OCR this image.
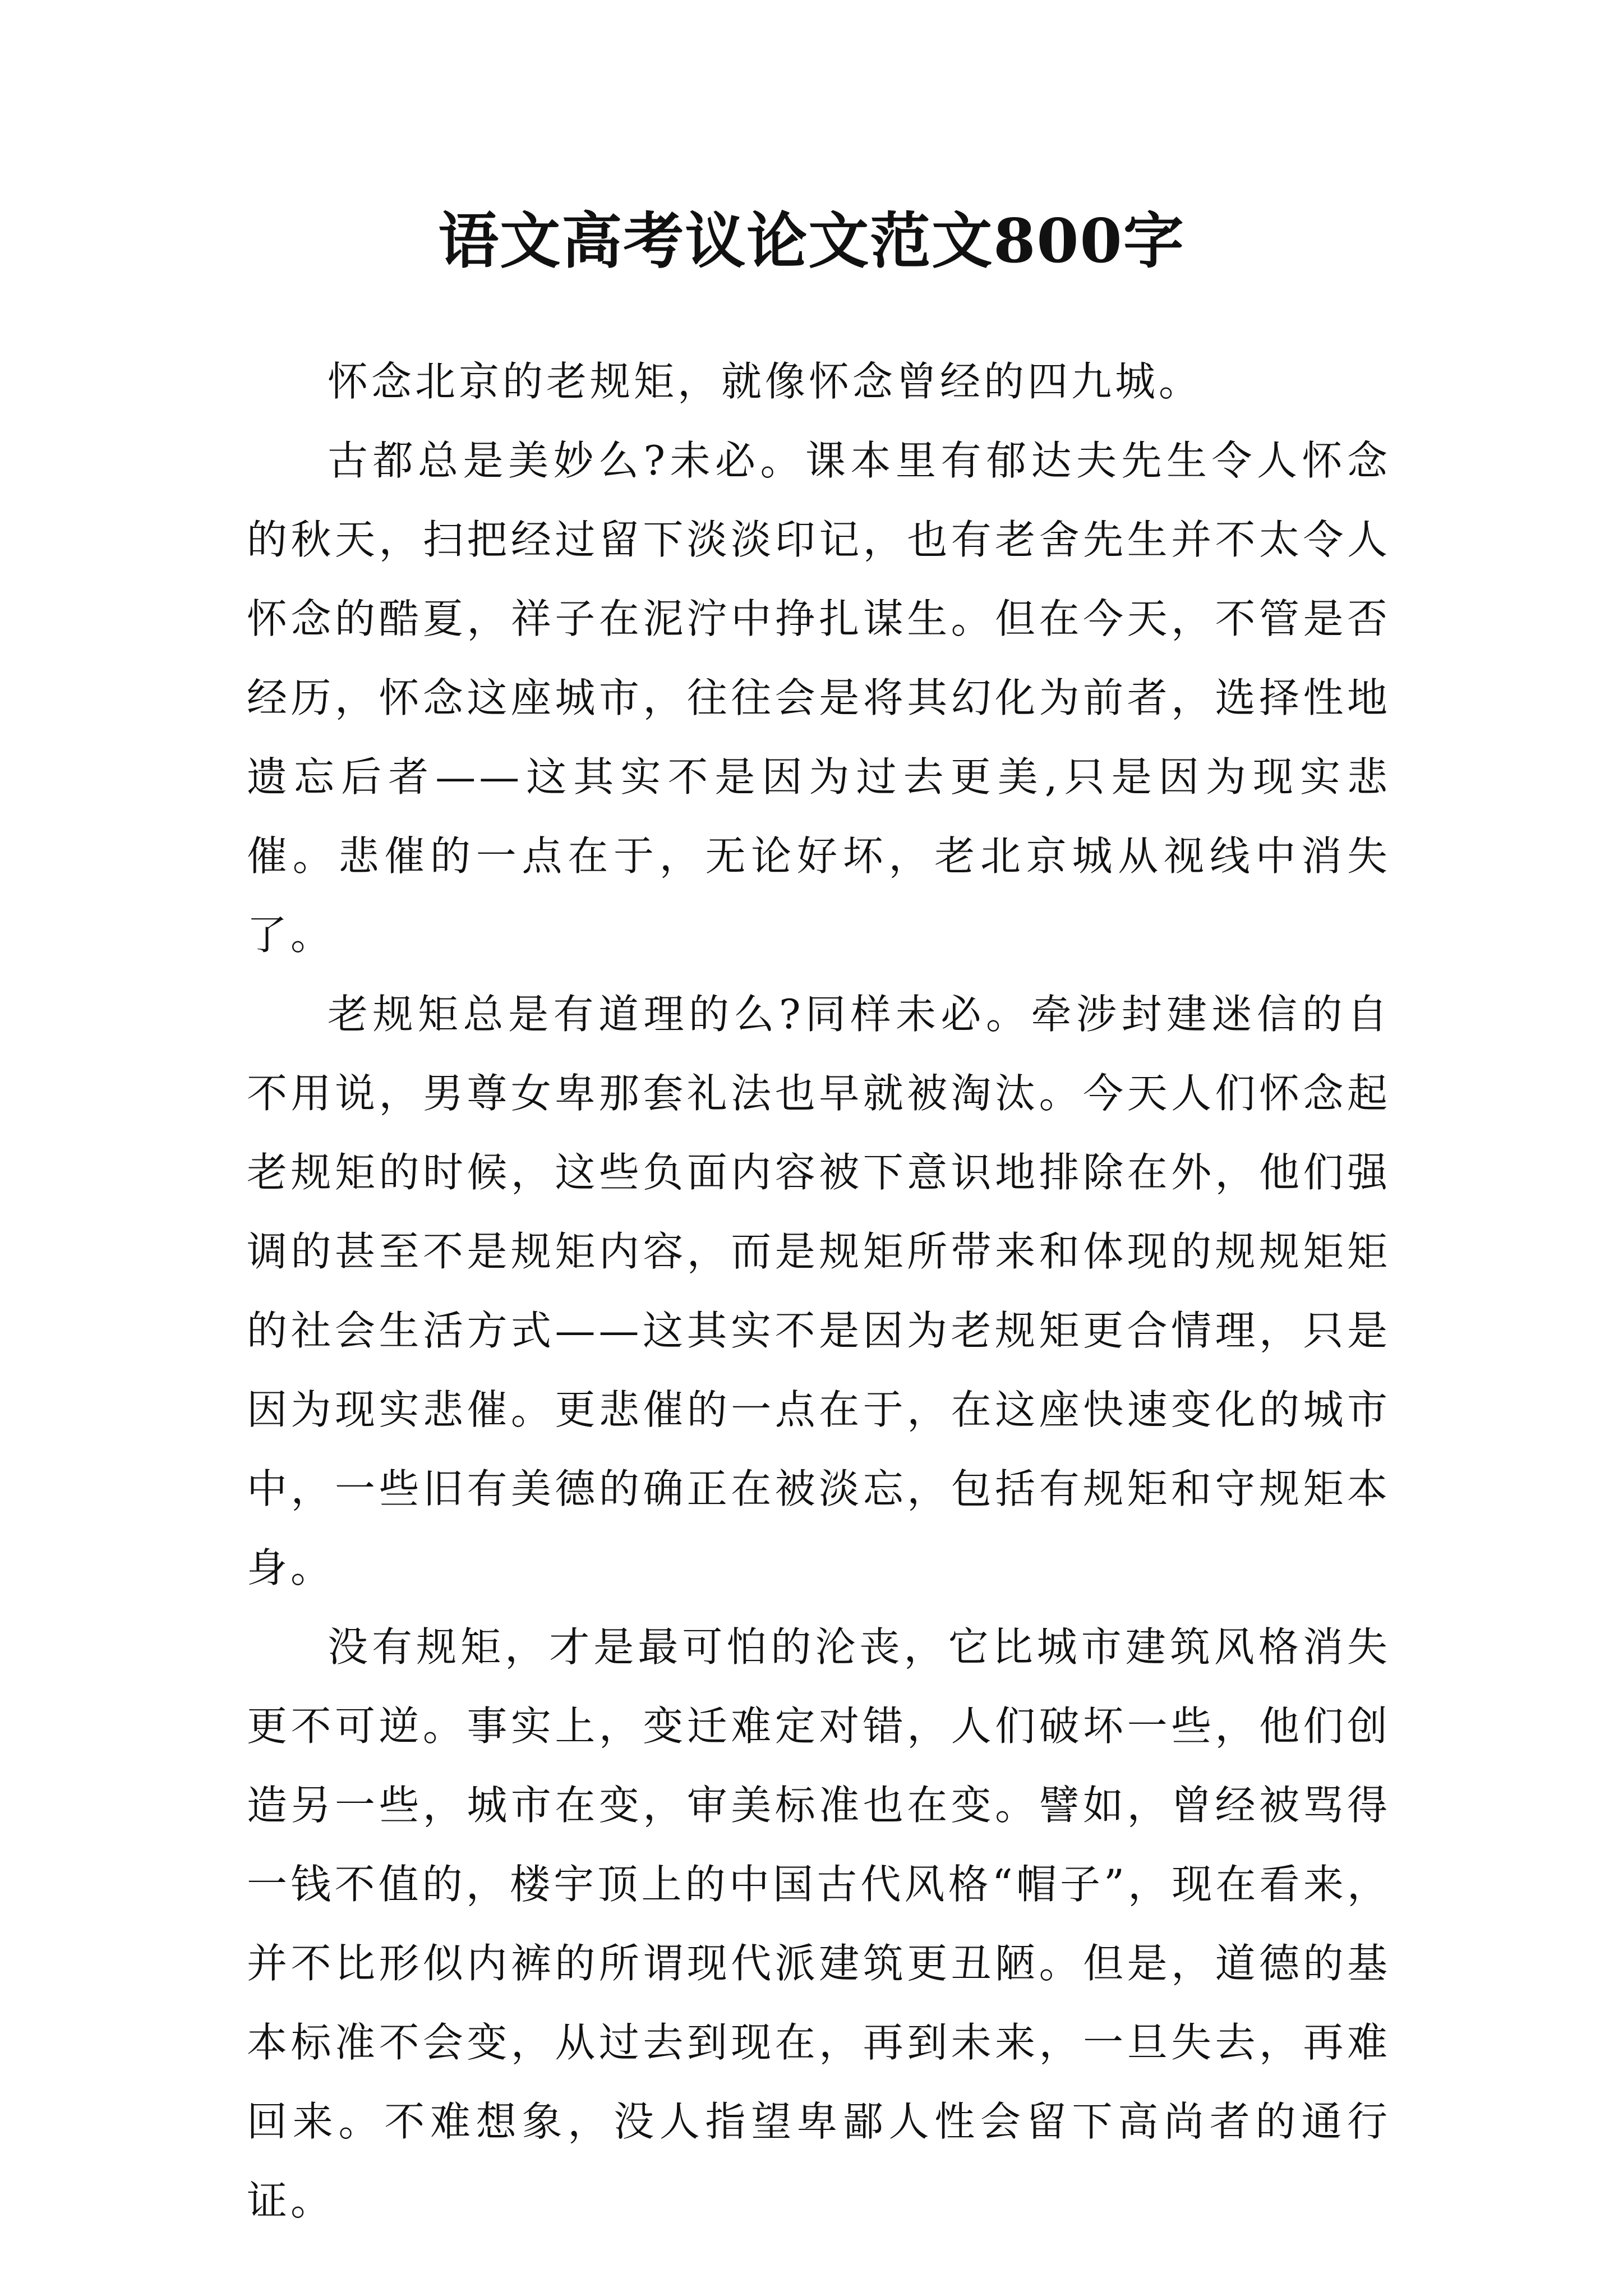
语文高考议论文范文800字

怀念北京的老规矩，就像怀念曾经的四九城。

古都总是美妙么?未必。课本里有郁达夫先生令人怀念的秋天，扫把经过留下淡淡印记，也有老舍先生并不太令人怀念的酷夏，祥子在泥泞中挣扎谋生。但在今天，不管是否经历，怀念这座城市，往往会是将其幻化为前者，选择性地遗忘后者——这其实不是因为过去更美,只是因为现实悲催。悲催的一点在于，无论好坏，老北京城从视线中消失了。

老规矩总是有道理的么?同样未必。牵涉封建迷信的自不用说，男尊女卑那套礼法也早就被淘汰。今天人们怀念起老规矩的时候，这些负面内容被下意识地排除在外，他们强调的甚至不是规矩内容，而是规矩所带来和体现的规规矩矩的社会生活方式——这其实不是因为老规矩更合情理，只是因为现实悲催。更悲催的一点在于，在这座快速变化的城市中，一些旧有美德的确正在被淡忘，包括有规矩和守规矩本身。

没有规矩，才是最可怕的沦丧，它比城市建筑风格消失更不可逆。事实上，变迁难定对错，人们破坏一些，他们创造另一些，城市在变，审美标准也在变。譬如，曾经被骂得一钱不值的，楼宇顶上的中国古代风格“帽子”，现在看来，并不比形似内裤的所谓现代派建筑更丑陋。但是，道德的基本标准不会变，从过去到现在，再到未来，一旦失去，再难回来。不难想象，没人指望卑鄙人性会留下高尚者的通行证。
